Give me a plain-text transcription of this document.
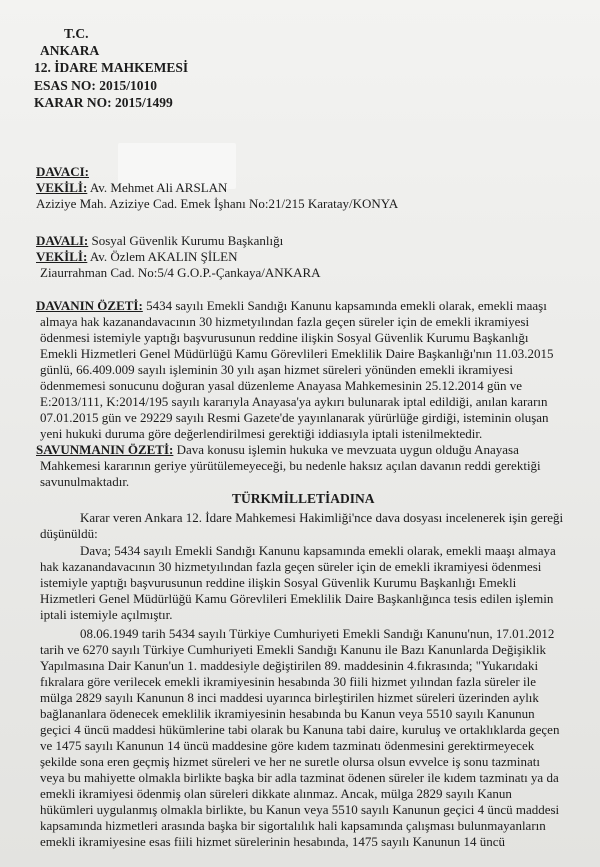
T.C.
ANKARA
12. İDARE MAHKEMESİ
ESAS NO: 2015/1010
KARAR NO: 2015/1499
DAVACI:
VEKİLİ: Av. Mehmet Ali ARSLAN
Aziziye Mah. Aziziye Cad. Emek İşhanı No:21/215 Karatay/KONYA
DAVALI: Sosyal Güvenlik Kurumu Başkanlığı
VEKİLİ: Av. Özlem AKALIN ŞİLEN
Ziaurrahman Cad. No:5/4 G.O.P.-Çankaya/ANKARA
DAVANIN ÖZETİ: 5434 sayılı Emekli Sandığı Kanunu kapsamında emekli olarak, emekli maaşı
almaya hak kazanandavacının 30 hizmetyılından fazla geçen süreler için de emekli ikramiyesi
ödenmesi istemiyle yaptığı başvurusunun reddine ilişkin Sosyal Güvenlik Kurumu Başkanlığı
Emekli Hizmetleri Genel Müdürlüğü Kamu Görevlileri Emeklilik Daire Başkanlığı'nın 11.03.2015
günlü, 66.409.009 sayılı işleminin 30 yılı aşan hizmet süreleri yönünden emekli ikramiyesi
ödenmemesi sonucunu doğuran yasal düzenleme Anayasa Mahkemesinin 25.12.2014 gün ve
E:2013/111, K:2014/195 sayılı kararıyla Anayasa'ya aykırı bulunarak iptal edildiği, anılan kararın
07.01.2015 gün ve 29229 sayılı Resmi Gazete'de yayınlanarak yürürlüğe girdiği, isteminin oluşan
yeni hukuki duruma göre değerlendirilmesi gerektiği iddiasıyla iptali istenilmektedir.
SAVUNMANIN ÖZETİ: Dava konusu işlemin hukuka ve mevzuata uygun olduğu Anayasa
Mahkemesi kararının geriye yürütülemeyeceği, bu nedenle haksız açılan davanın reddi gerektiği
savunulmaktadır.
TÜRKMİLLETİADINA
Karar veren Ankara 12. İdare Mahkemesi Hakimliği'nce dava dosyası incelenerek işin gereği
düşünüldü:
Dava; 5434 sayılı Emekli Sandığı Kanunu kapsamında emekli olarak, emekli maaşı almaya
hak kazanandavacının 30 hizmetyılından fazla geçen süreler için de emekli ikramiyesi ödenmesi
istemiyle yaptığı başvurusunun reddine ilişkin Sosyal Güvenlik Kurumu Başkanlığı Emekli
Hizmetleri Genel Müdürlüğü Kamu Görevlileri Emeklilik Daire Başkanlığınca tesis edilen işlemin
iptali istemiyle açılmıştır.
08.06.1949 tarih 5434 sayılı Türkiye Cumhuriyeti Emekli Sandığı Kanunu'nun, 17.01.2012
tarih ve 6270 sayılı Türkiye Cumhuriyeti Emekli Sandığı Kanunu ile Bazı Kanunlarda Değişiklik
Yapılmasına Dair Kanun'un 1. maddesiyle değiştirilen 89. maddesinin 4.fıkrasında; "Yukarıdaki
fıkralara göre verilecek emekli ikramiyesinin hesabında 30 fiili hizmet yılından fazla süreler ile
mülga 2829 sayılı Kanunun 8 inci maddesi uyarınca birleştirilen hizmet süreleri üzerinden aylık
bağlananlara ödenecek emeklilik ikramiyesinin hesabında bu Kanun veya 5510 sayılı Kanunun
geçici 4 üncü maddesi hükümlerine tabi olarak bu Kanuna tabi daire, kuruluş ve ortaklıklarda geçen
ve 1475 sayılı Kanunun 14 üncü maddesine göre kıdem tazminatı ödenmesini gerektirmeyecek
şekilde sona eren geçmiş hizmet süreleri ve her ne suretle olursa olsun evvelce iş sonu tazminatı
veya bu mahiyette olmakla birlikte başka bir adla tazminat ödenen süreler ile kıdem tazminatı ya da
emekli ikramiyesi ödenmiş olan süreleri dikkate alınmaz. Ancak, mülga 2829 sayılı Kanun
hükümleri uygulanmış olmakla birlikte, bu Kanun veya 5510 sayılı Kanunun geçici 4 üncü maddesi
kapsamında hizmetleri arasında başka bir sigortalılık hali kapsamında çalışması bulunmayanların
emekli ikramiyesine esas fiili hizmet sürelerinin hesabında, 1475 sayılı Kanunun 14 üncü
